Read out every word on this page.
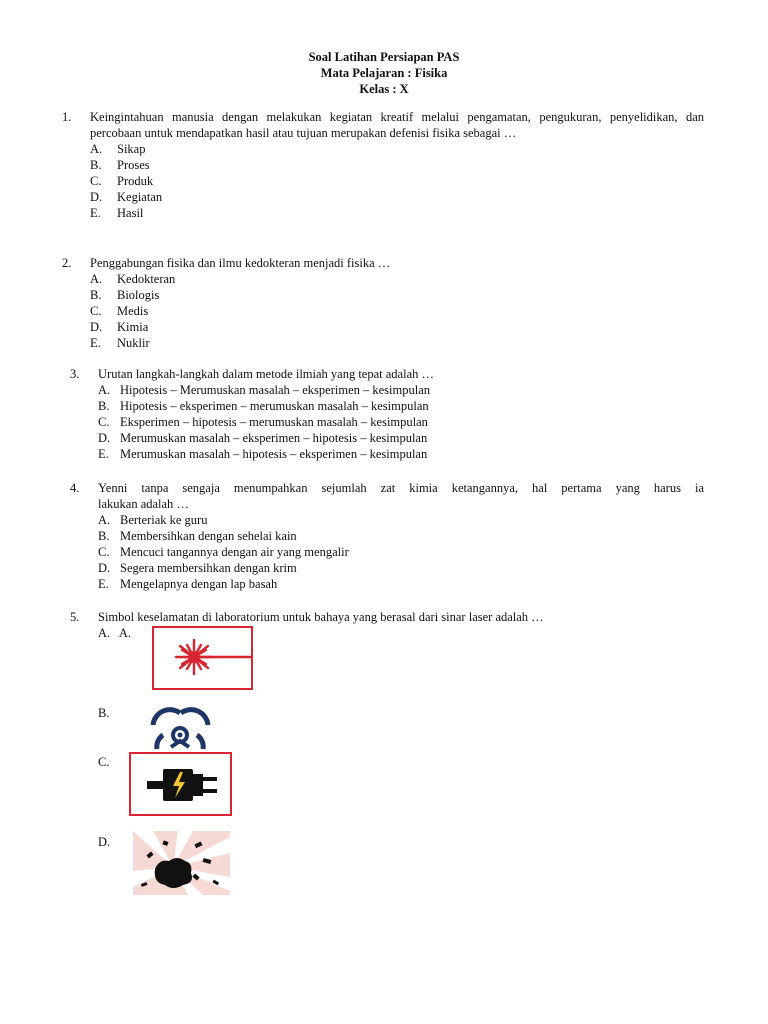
Soal Latihan Persiapan PAS
Mata Pelajaran : Fisika
Kelas : X
1. Keingintahuan manusia dengan melakukan kegiatan kreatif melalui pengamatan, pengukuran, penyelidikan, dan percobaan untuk mendapatkan hasil atau tujuan merupakan defenisi fisika sebagai …
A. Sikap
B. Proses
C. Produk
D. Kegiatan
E. Hasil
2. Penggabungan fisika dan ilmu kedokteran menjadi fisika …
A. Kedokteran
B. Biologis
C. Medis
D. Kimia
E. Nuklir
3. Urutan langkah-langkah dalam metode ilmiah yang tepat adalah …
A. Hipotesis – Merumuskan masalah – eksperimen – kesimpulan
B. Hipotesis – eksperimen – merumuskan masalah – kesimpulan
C. Eksperimen – hipotesis – merumuskan masalah – kesimpulan
D. Merumuskan masalah – eksperimen – hipotesis – kesimpulan
E. Merumuskan masalah – hipotesis – eksperimen – kesimpulan
4. Yenni tanpa sengaja menumpahkan sejumlah zat kimia ketangannya, hal pertama yang harus ia
lakukan adalah …
A. Berteriak ke guru
B. Membersihkan dengan sehelai kain
C. Mencuci tangannya dengan air yang mengalir
D. Segera membersihkan dengan krim
E. Mengelapnya dengan lap basah
5. Simbol keselamatan di laboratorium untuk bahaya yang berasal dari sinar laser adalah …
A.   A.
B.
C.
D.
